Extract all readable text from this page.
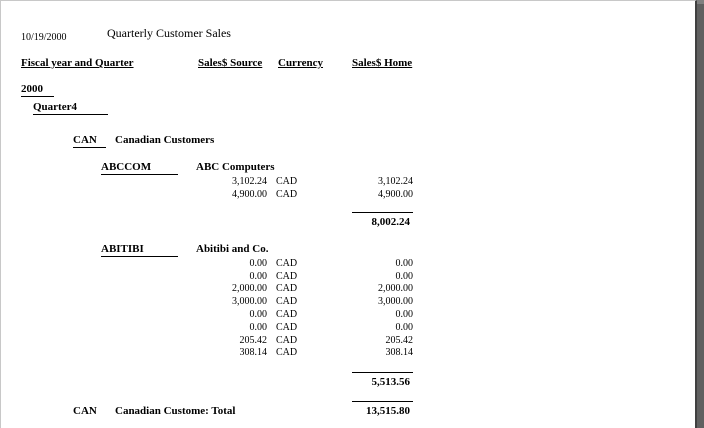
10/19/2000	Quarterly Customer Sales
Fiscal year and Quarter	Sales$ Source Currency	Sales$ Home
2000
Quarter4
CAN Canadian Customers
ABCCOM	ABC Computers
3,102.24 CAD	3,102.24
4,900.00 CAD	4,900.00
8,002.24
ABITIBI	Abitibi and Co.
0.00 CAD	0.00
0.00 CAD	0.00
2,000.00 CAD	2,000.00
3,000.00 CAD	3,000.00
0.00 CAD	0.00
0.00 CAD	0.00
205.42 CAD	205.42
308.14 CAD	308.14
5,513.56
CAN Canadian Custome: Total	13,515.80
